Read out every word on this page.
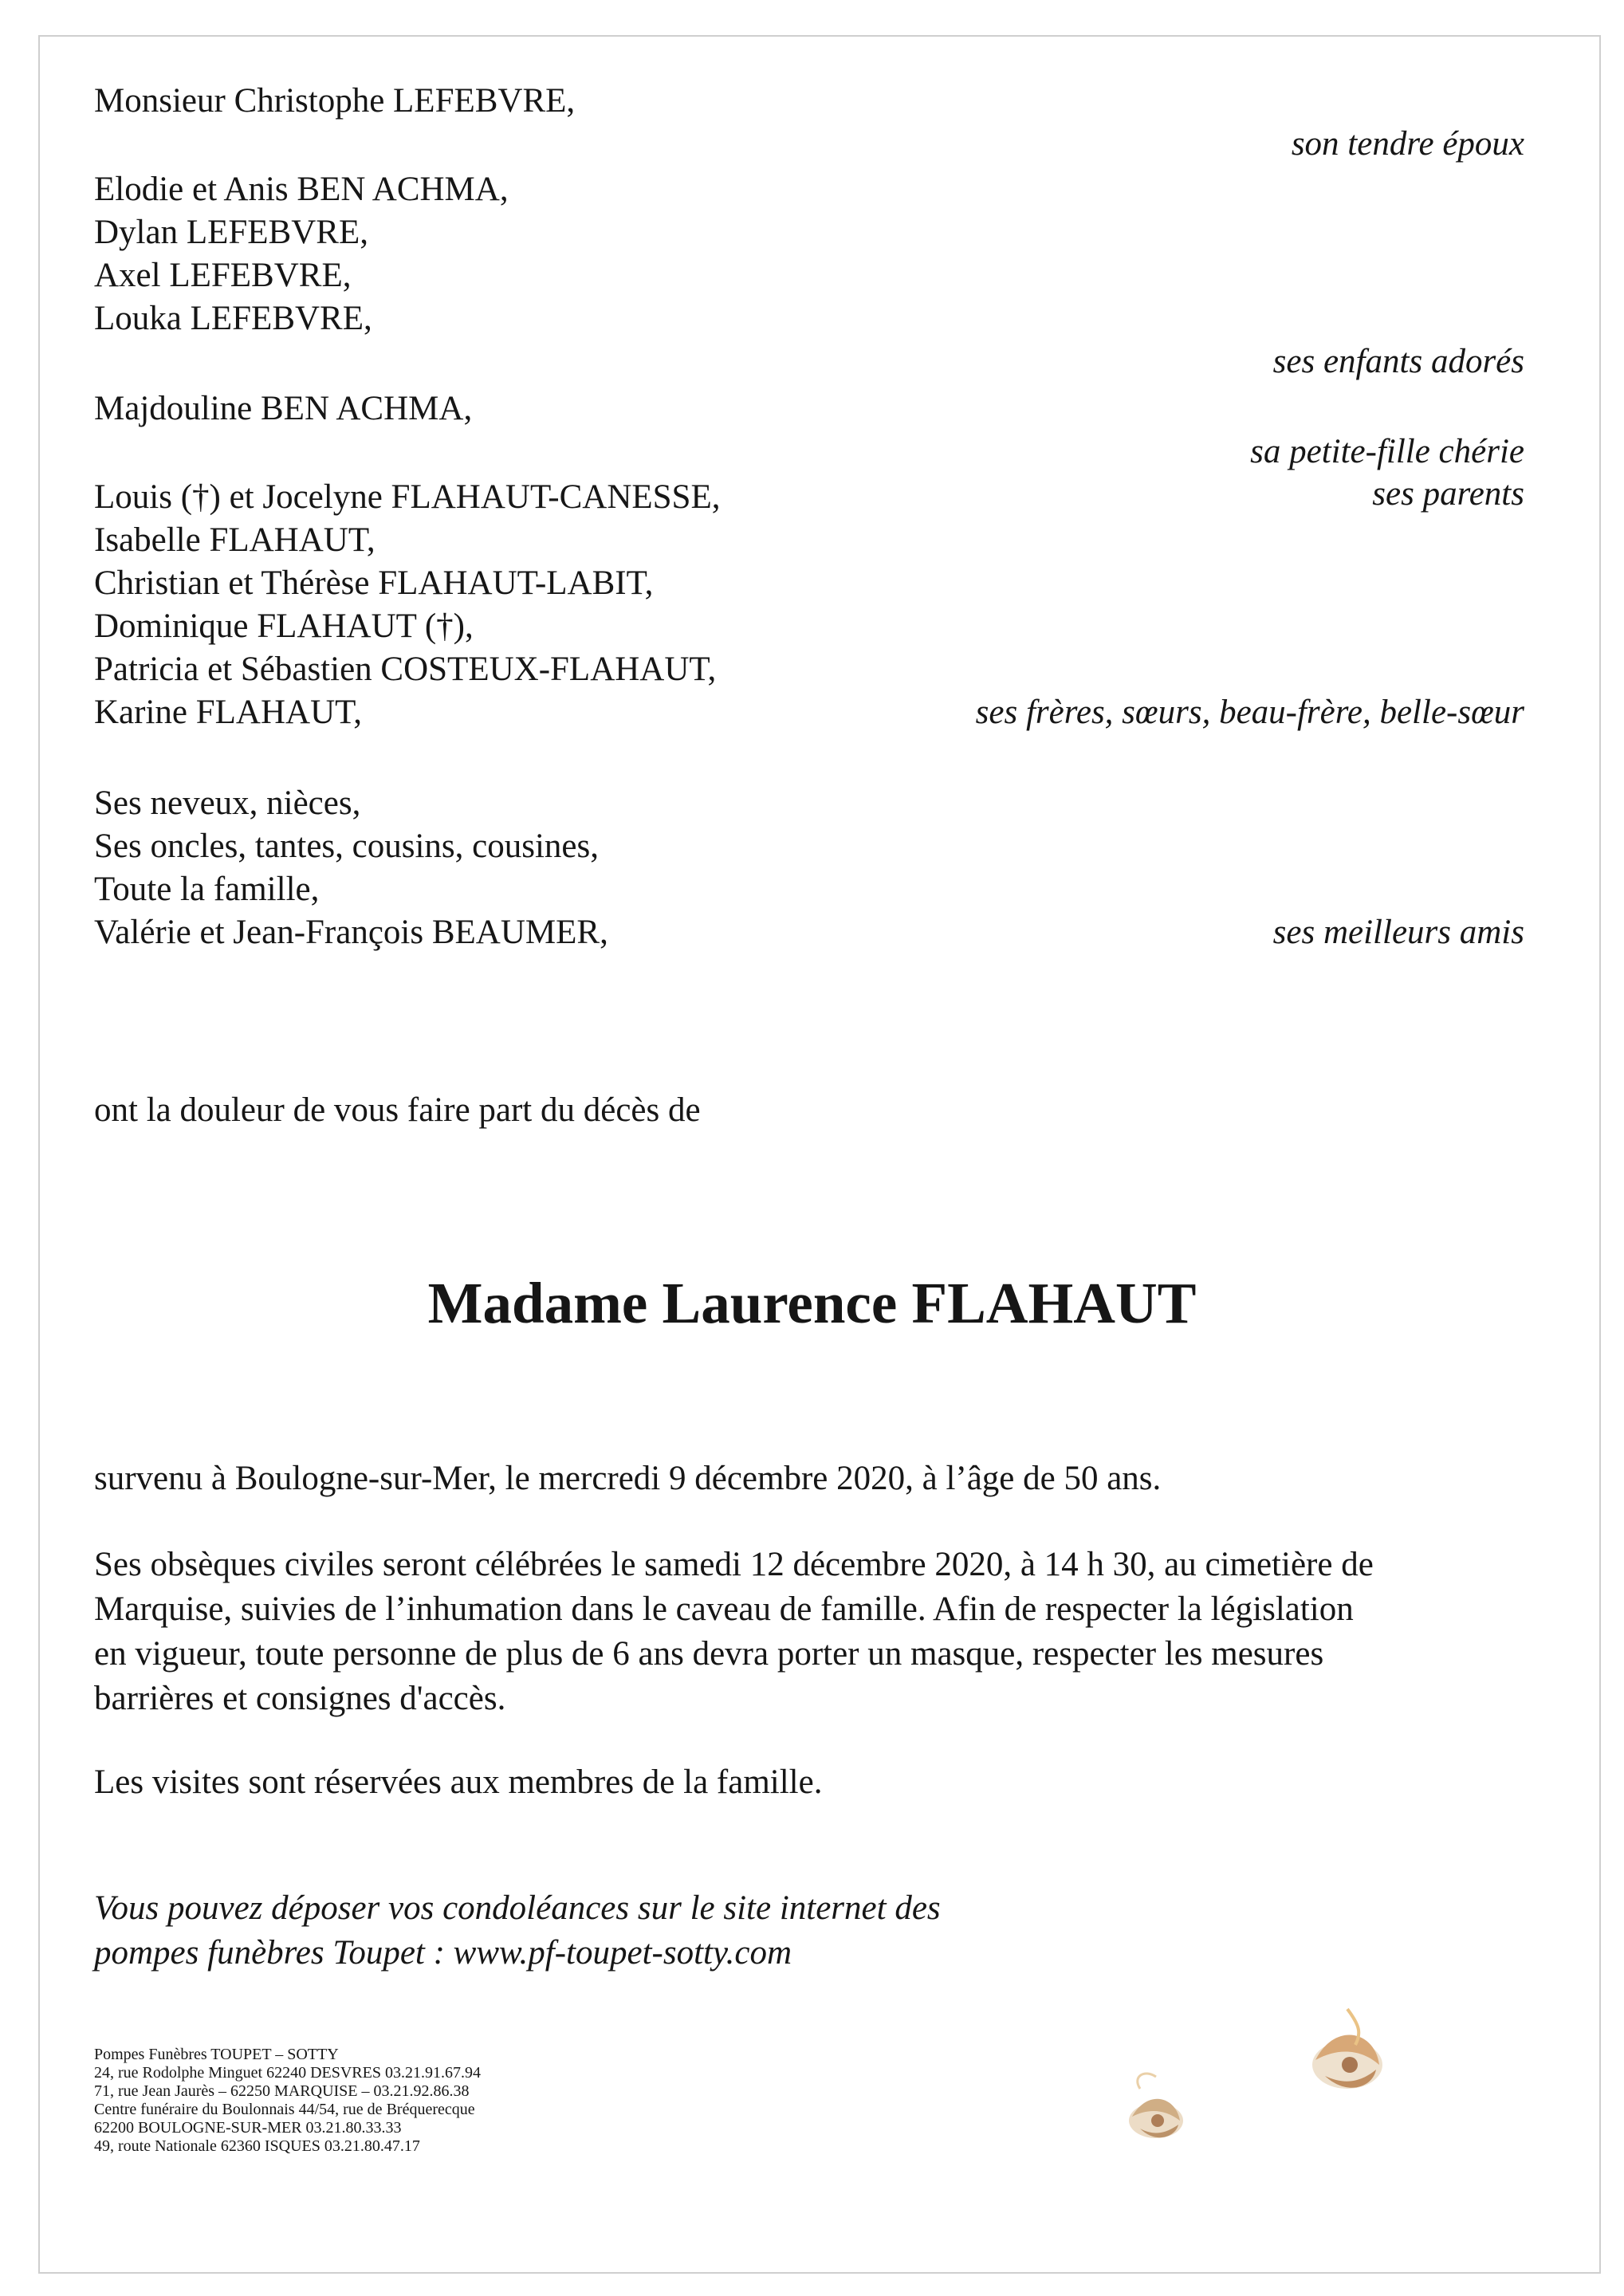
Monsieur Christophe LEFEBVRE,
son tendre époux
Elodie et Anis BEN ACHMA,
Dylan LEFEBVRE,
Axel LEFEBVRE,
Louka LEFEBVRE,
ses enfants adorés
Majdouline BEN ACHMA,
sa petite-fille chérie
Louis (†) et Jocelyne FLAHAUT-CANESSE,	ses parents
Isabelle FLAHAUT,
Christian et Thérèse FLAHAUT-LABIT,
Dominique FLAHAUT (†),
Patricia et Sébastien COSTEUX-FLAHAUT,
Karine FLAHAUT,	ses frères, sœurs, beau-frère, belle-sœur
Ses neveux, nièces,
Ses oncles, tantes, cousins, cousines,
Toute la famille,
Valérie et Jean-François BEAUMER,	ses meilleurs amis
ont la douleur de vous faire part du décès de
Madame Laurence FLAHAUT
survenu à Boulogne-sur-Mer, le mercredi 9 décembre 2020, à l’âge de 50 ans.
Ses obsèques civiles seront célébrées le samedi 12 décembre 2020, à 14 h 30, au cimetière de
Marquise, suivies de l’inhumation dans le caveau de famille. Afin de respecter la législation
en vigueur, toute personne de plus de 6 ans devra porter un masque, respecter les mesures
barrières et consignes d'accès.
Les visites sont réservées aux membres de la famille.
Vous pouvez déposer vos condoléances sur le site internet des
pompes funèbres Toupet : www.pf-toupet-sotty.com
Pompes Funèbres TOUPET – SOTTY
24, rue Rodolphe Minguet 62240 DESVRES 03.21.91.67.94
71, rue Jean Jaurès – 62250 MARQUISE – 03.21.92.86.38
Centre funéraire du Boulonnais 44/54, rue de Bréquerecque
62200 BOULOGNE-SUR-MER 03.21.80.33.33
49, route Nationale 62360 ISQUES 03.21.80.47.17
